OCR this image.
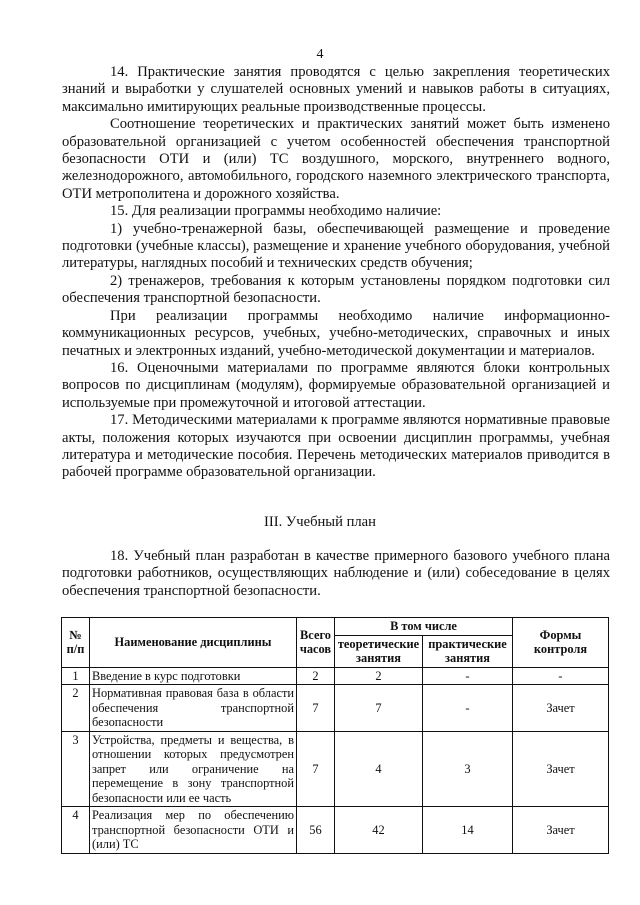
4

14. Практические занятия проводятся с целью закрепления теоретических знаний и выработки у слушателей основных умений и навыков работы в ситуациях, максимально имитирующих реальные производственные процессы.

Соотношение теоретических и практических занятий может быть изменено образовательной организацией с учетом особенностей обеспечения транспортной безопасности ОТИ и (или) ТС воздушного, морского, внутреннего водного, железнодорожного, автомобильного, городского наземного электрического транспорта, ОТИ метрополитена и дорожного хозяйства.

15. Для реализации программы необходимо наличие:

1) учебно-тренажерной базы, обеспечивающей размещение и проведение подготовки (учебные классы), размещение и хранение учебного оборудования, учебной литературы, наглядных пособий и технических средств обучения;

2) тренажеров, требования к которым установлены порядком подготовки сил обеспечения транспортной безопасности.

При реализации программы необходимо наличие информационно-коммуникационных ресурсов, учебных, учебно-методических, справочных и иных печатных и электронных изданий, учебно-методической документации и материалов.

16. Оценочными материалами по программе являются блоки контрольных вопросов по дисциплинам (модулям), формируемые образовательной организацией и используемые при промежуточной и итоговой аттестации.

17. Методическими материалами к программе являются нормативные правовые акты, положения которых изучаются при освоении дисциплин программы, учебная литература и методические пособия. Перечень методических материалов приводится в рабочей программе образовательной организации.

III. Учебный план

18. Учебный план разработан в качестве примерного базового учебного плана подготовки работников, осуществляющих наблюдение и (или) собеседование в целях обеспечения транспортной безопасности.

№ п/п	Наименование дисциплины	Всего часов	В том числе		Формы контроля
			теоретические занятия	практические занятия	
1	Введение в курс подготовки	2	2	-	-
2	Нормативная правовая база в области обеспечения транспортной безопасности	7	7	-	Зачет
3	Устройства, предметы и вещества, в отношении которых предусмотрен запрет или ограничение на перемещение в зону транспортной безопасности или ее часть	7	4	3	Зачет
4	Реализация мер по обеспечению транспортной безопасности ОТИ и (или) ТС	56	42	14	Зачет
